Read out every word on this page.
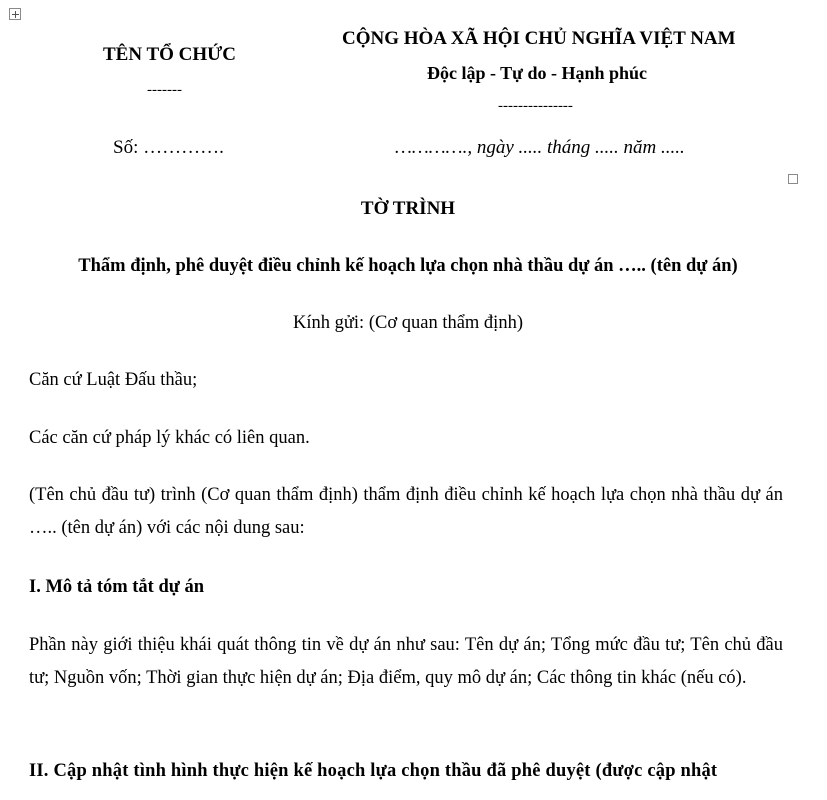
TÊN TỔ CHỨC
-------
Số: ………….
CỘNG HÒA XÃ HỘI CHỦ NGHĨA VIỆT NAM
Độc lập - Tự do - Hạnh phúc
---------------
…………., ngày ..... tháng ..... năm .....
TỜ TRÌNH
Thẩm định, phê duyệt điều chỉnh kế hoạch lựa chọn nhà thầu dự án ….. (tên dự án)
Kính gửi: (Cơ quan thẩm định)
Căn cứ Luật Đấu thầu;
Các căn cứ pháp lý khác có liên quan.
(Tên chủ đầu tư) trình (Cơ quan thẩm định) thẩm định điều chỉnh kế hoạch lựa chọn nhà thầu dự án ….. (tên dự án) với các nội dung sau:
I. Mô tả tóm tắt dự án
Phần này giới thiệu khái quát thông tin về dự án như sau: Tên dự án; Tổng mức đầu tư; Tên chủ đầu tư; Nguồn vốn; Thời gian thực hiện dự án; Địa điểm, quy mô dự án; Các thông tin khác (nếu có).
II. Cập nhật tình hình thực hiện kế hoạch lựa chọn thầu đã phê duyệt (được cập nhật
